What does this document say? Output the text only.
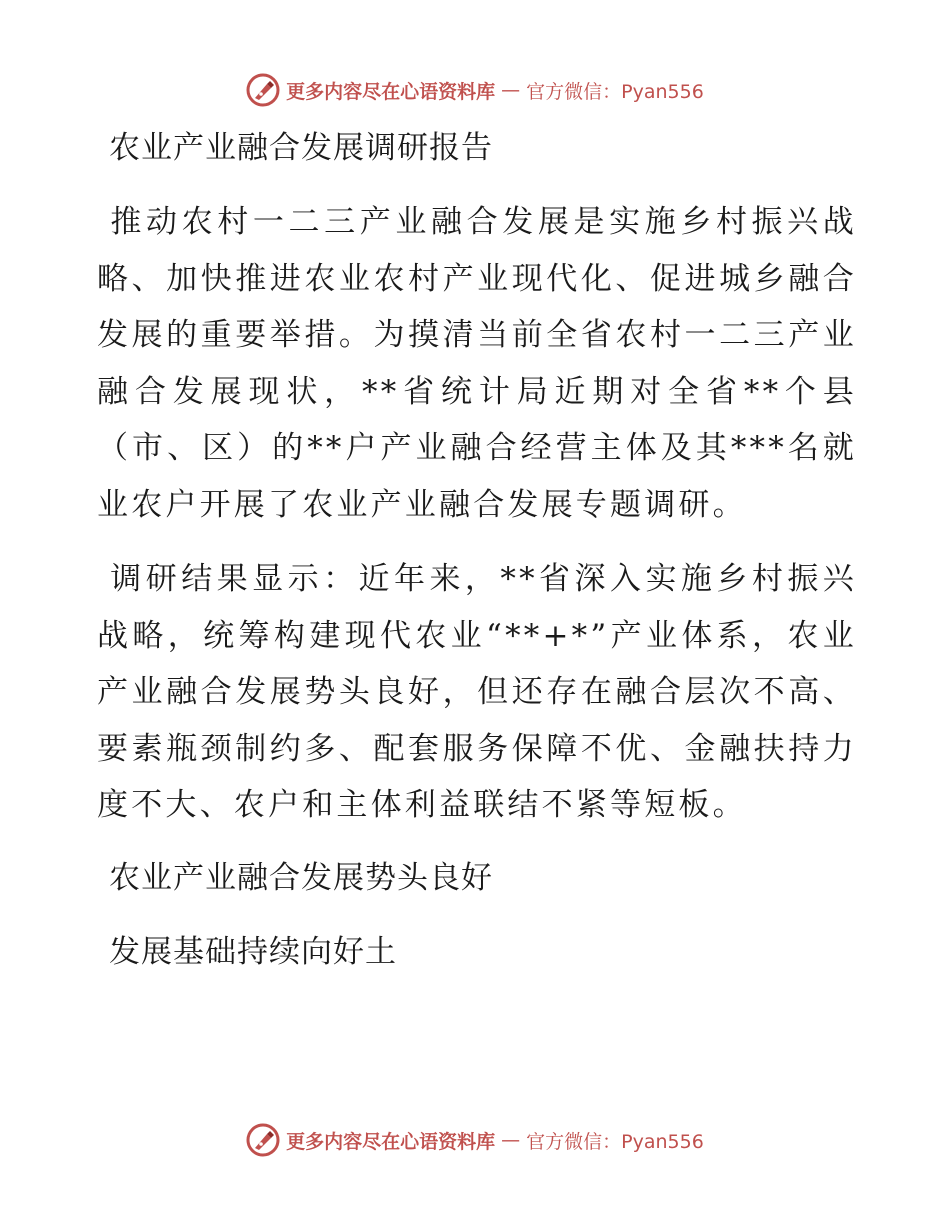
更多内容尽在心语资料库 — 官方微信：Pyan556
农业产业融合发展调研报告
推动农村一二三产业融合发展是实施乡村振兴战略、加快推进农业农村产业现代化、促进城乡融合发展的重要举措。为摸清当前全省农村一二三产业融合发展现状，**省统计局近期对全省**个县（市、区）的**户产业融合经营主体及其***名就业农户开展了农业产业融合发展专题调研。
调研结果显示：近年来，**省深入实施乡村振兴战略，统筹构建现代农业“**+*”产业体系，农业产业融合发展势头良好，但还存在融合层次不高、要素瓶颈制约多、配套服务保障不优、金融扶持力度不大、农户和主体利益联结不紧等短板。
农业产业融合发展势头良好
发展基础持续向好土
更多内容尽在心语资料库 — 官方微信：Pyan556
